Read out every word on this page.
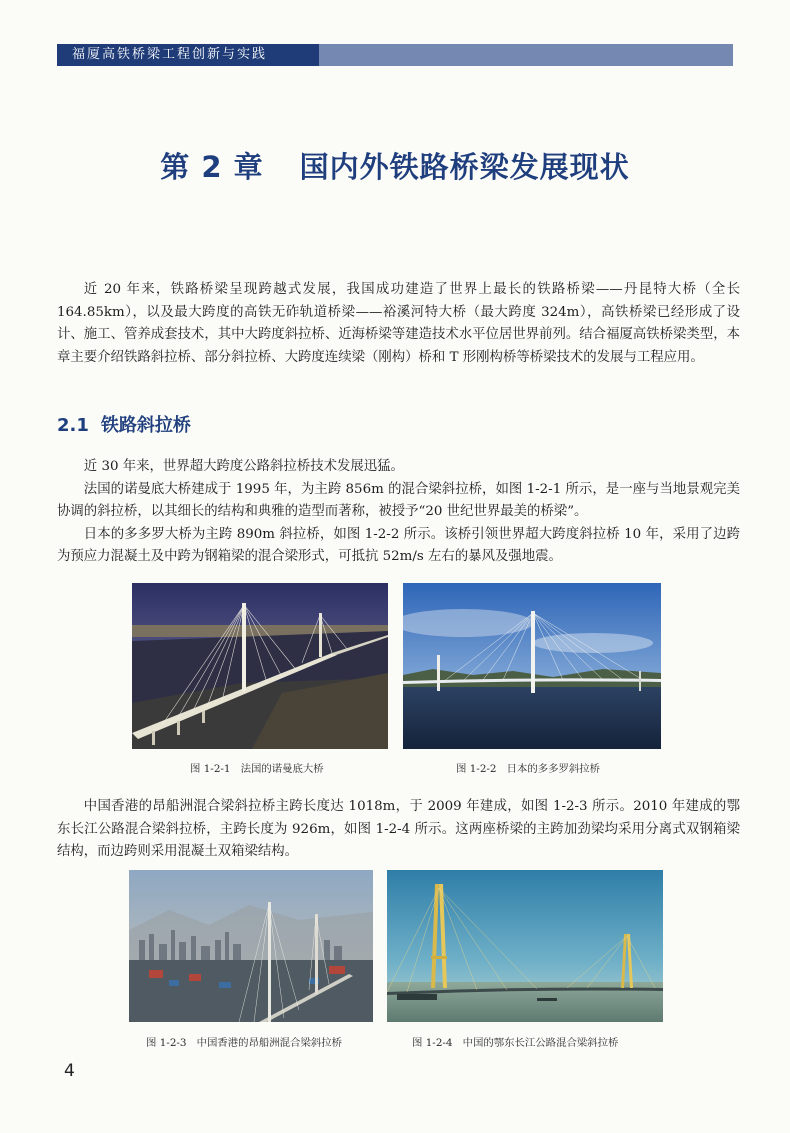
福厦高铁桥梁工程创新与实践
第 2 章 国内外铁路桥梁发展现状

近 20 年来，铁路桥梁呈现跨越式发展，我国成功建造了世界上最长的铁路桥梁——丹昆特大桥（全长 164.85km），以及最大跨度的高铁无砟轨道桥梁——裕溪河特大桥（最大跨度 324m），高铁桥梁已经形成了设计、施工、管养成套技术，其中大跨度斜拉桥、近海桥梁等建造技术水平位居世界前列。结合福厦高铁桥梁类型，本章主要介绍铁路斜拉桥、部分斜拉桥、大跨度连续梁（刚构）桥和 T 形刚构桥等桥梁技术的发展与工程应用。

2.1 铁路斜拉桥

近 30 年来，世界超大跨度公路斜拉桥技术发展迅猛。

法国的诺曼底大桥建成于 1995 年，为主跨 856m 的混合梁斜拉桥，如图 1-2-1 所示，是一座与当地景观完美协调的斜拉桥，以其细长的结构和典雅的造型而著称，被授予“20 世纪世界最美的桥梁”。

日本的多多罗大桥为主跨 890m 斜拉桥，如图 1-2-2 所示。该桥引领世界超大跨度斜拉桥 10 年，采用了边跨为预应力混凝土及中跨为钢箱梁的混合梁形式，可抵抗 52m/s 左右的暴风及强地震。

图 1-2-1 法国的诺曼底大桥	图 1-2-2 日本的多多罗斜拉桥

中国香港的昂船洲混合梁斜拉桥主跨长度达 1018m，于 2009 年建成，如图 1-2-3 所示。2010 年建成的鄂东长江公路混合梁斜拉桥，主跨长度为 926m，如图 1-2-4 所示。这两座桥梁的主跨加劲梁均采用分离式双钢箱梁结构，而边跨则采用混凝土双箱梁结构。

图 1-2-3 中国香港的昂船洲混合梁斜拉桥	图 1-2-4 中国的鄂东长江公路混合梁斜拉桥
4
